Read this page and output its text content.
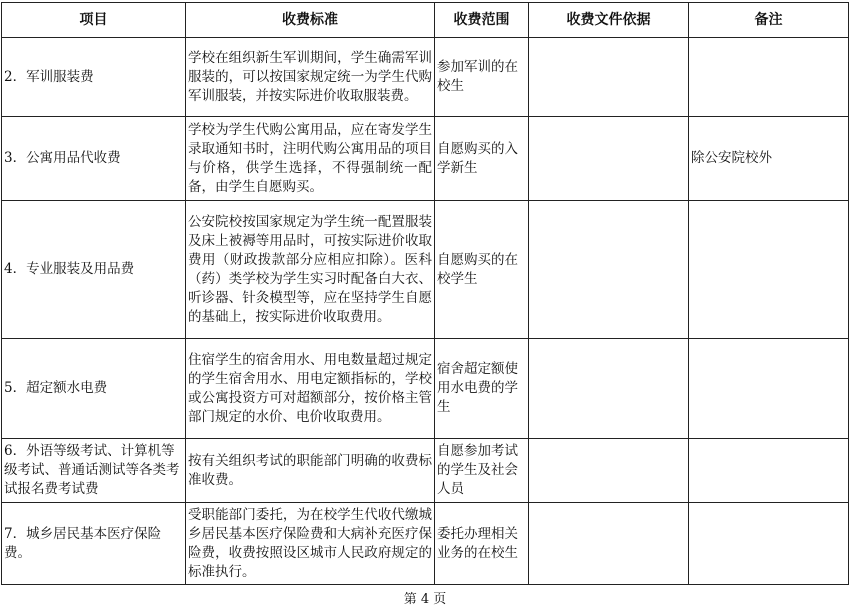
项目	收费标准	收费范围	收费文件依据	备注
2．军训服装费	学校在组织新生军训期间，学生确需军训服装的，可以按国家规定统一为学生代购军训服装，并按实际进价收取服装费。	参加军训的在校生		
3．公寓用品代收费	学校为学生代购公寓用品，应在寄发学生录取通知书时，注明代购公寓用品的项目与价格，供学生选择，不得强制统一配备，由学生自愿购买。	自愿购买的入学新生		除公安院校外
4．专业服装及用品费	公安院校按国家规定为学生统一配置服装及床上被褥等用品时，可按实际进价收取费用（财政拨款部分应相应扣除）。医科（药）类学校为学生实习时配备白大衣、听诊器、针灸模型等，应在坚持学生自愿的基础上，按实际进价收取费用。	自愿购买的在校学生		
5．超定额水电费	住宿学生的宿舍用水、用电数量超过规定的学生宿舍用水、用电定额指标的，学校或公寓投资方可对超额部分，按价格主管部门规定的水价、电价收取费用。	宿舍超定额使用水电费的学生		
6．外语等级考试、计算机等级考试、普通话测试等各类考试报名费考试费	按有关组织考试的职能部门明确的收费标准收费。	自愿参加考试的学生及社会人员		
7．城乡居民基本医疗保险费。	受职能部门委托，为在校学生代收代缴城乡居民基本医疗保险费和大病补充医疗保险费，收费按照设区城市人民政府规定的标准执行。	委托办理相关业务的在校生		
第 4 页
